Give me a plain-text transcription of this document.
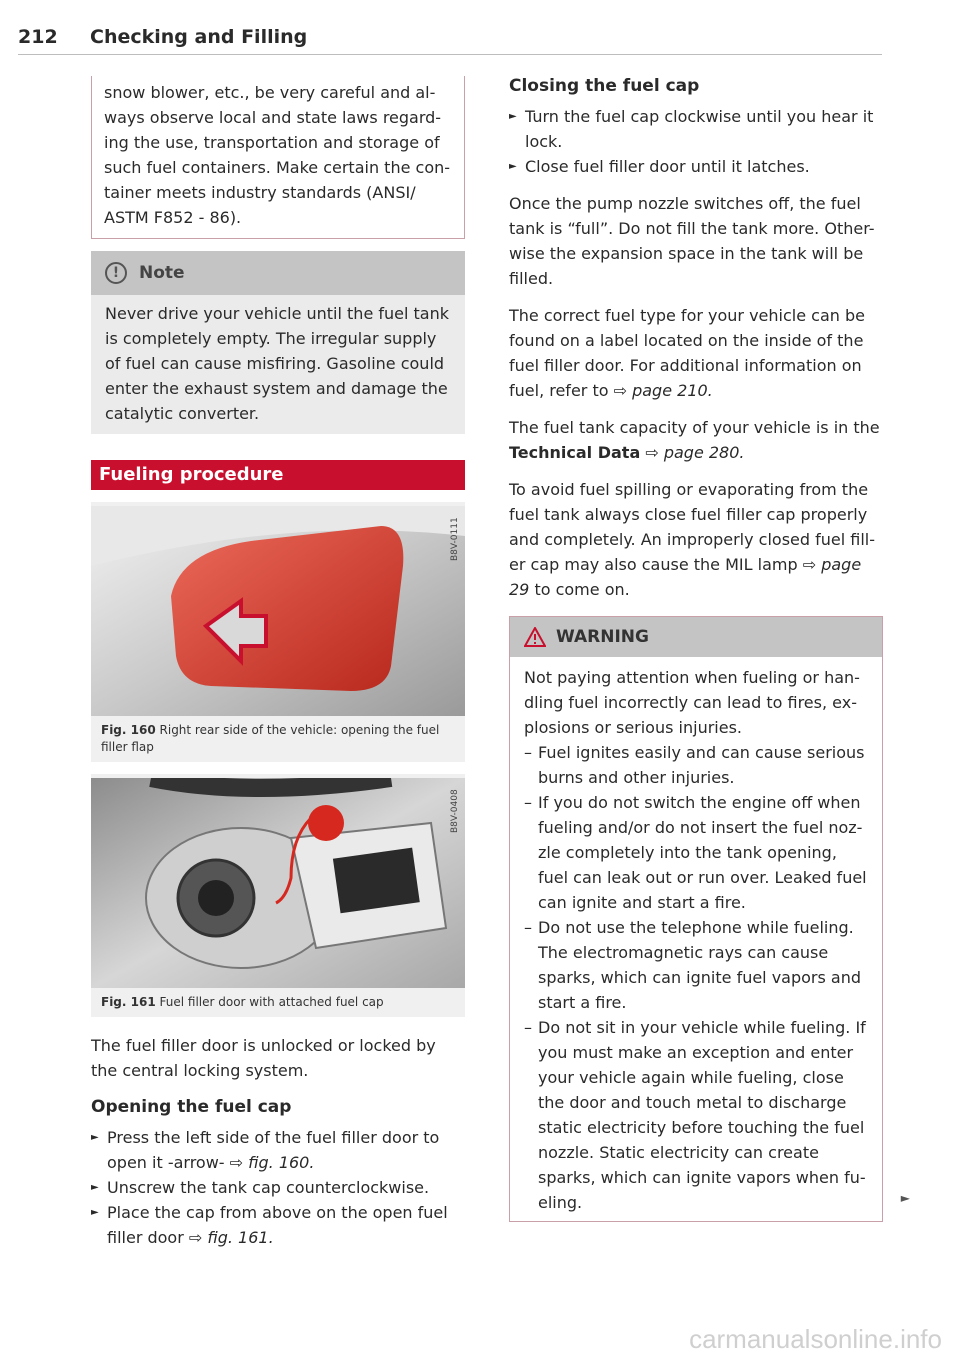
212 Checking and Filling

snow blower, etc., be very careful and al-ways observe local and state laws regard-ing the use, transportation and storage of such fuel containers. Make certain the con-tainer meets industry standards (ANSI/ ASTM F852 - 86).

!	Note

Never drive your vehicle until the fuel tank is completely empty. The irregular supply of fuel can cause misfiring. Gasoline could enter the exhaust system and damage the catalytic converter.

Fueling procedure
B8V-0111
Fig. 160 Right rear side of the vehicle: opening the fuel filler flap
B8V-0408
Fig. 161 Fuel filler door with attached fuel cap

The fuel filler door is unlocked or locked by the central locking system.

Opening the fuel cap
► Press the left side of the fuel filler door to open it -arrow- ⇨ fig. 160.
► Unscrew the tank cap counterclockwise.
► Place the cap from above on the open fuel filler door ⇨ fig. 161.
Closing the fuel cap
► Turn the fuel cap clockwise until you hear it lock.
► Close fuel filler door until it latches.

Once the pump nozzle switches off, the fuel tank is “full”. Do not fill the tank more. Other-wise the expansion space in the tank will be filled.

The correct fuel type for your vehicle can be found on a label located on the inside of the fuel filler door. For additional information on fuel, refer to ⇨ page 210.

The fuel tank capacity of your vehicle is in the Technical Data ⇨ page 280.

To avoid fuel spilling or evaporating from the fuel tank always close fuel filler cap properly and completely. An improperly closed fuel fill-er cap may also cause the MIL lamp ⇨ page 29 to come on.

WARNING

Not paying attention when fueling or han-dling fuel incorrectly can lead to fires, ex-plosions or serious injuries.

– Fuel ignites easily and can cause serious burns and other injuries.

– If you do not switch the engine off when fueling and/or do not insert the fuel noz-zle completely into the tank opening, fuel can leak out or run over. Leaked fuel can ignite and start a fire.

– Do not use the telephone while fueling. The electromagnetic rays can cause sparks, which can ignite fuel vapors and start a fire.

– Do not sit in your vehicle while fueling. If you must make an exception and enter your vehicle again while fueling, close the door and touch metal to discharge static electricity before touching the fuel nozzle. Static electricity can create sparks, which can ignite vapors when fu-eling.	►
carmanualsonline.info
